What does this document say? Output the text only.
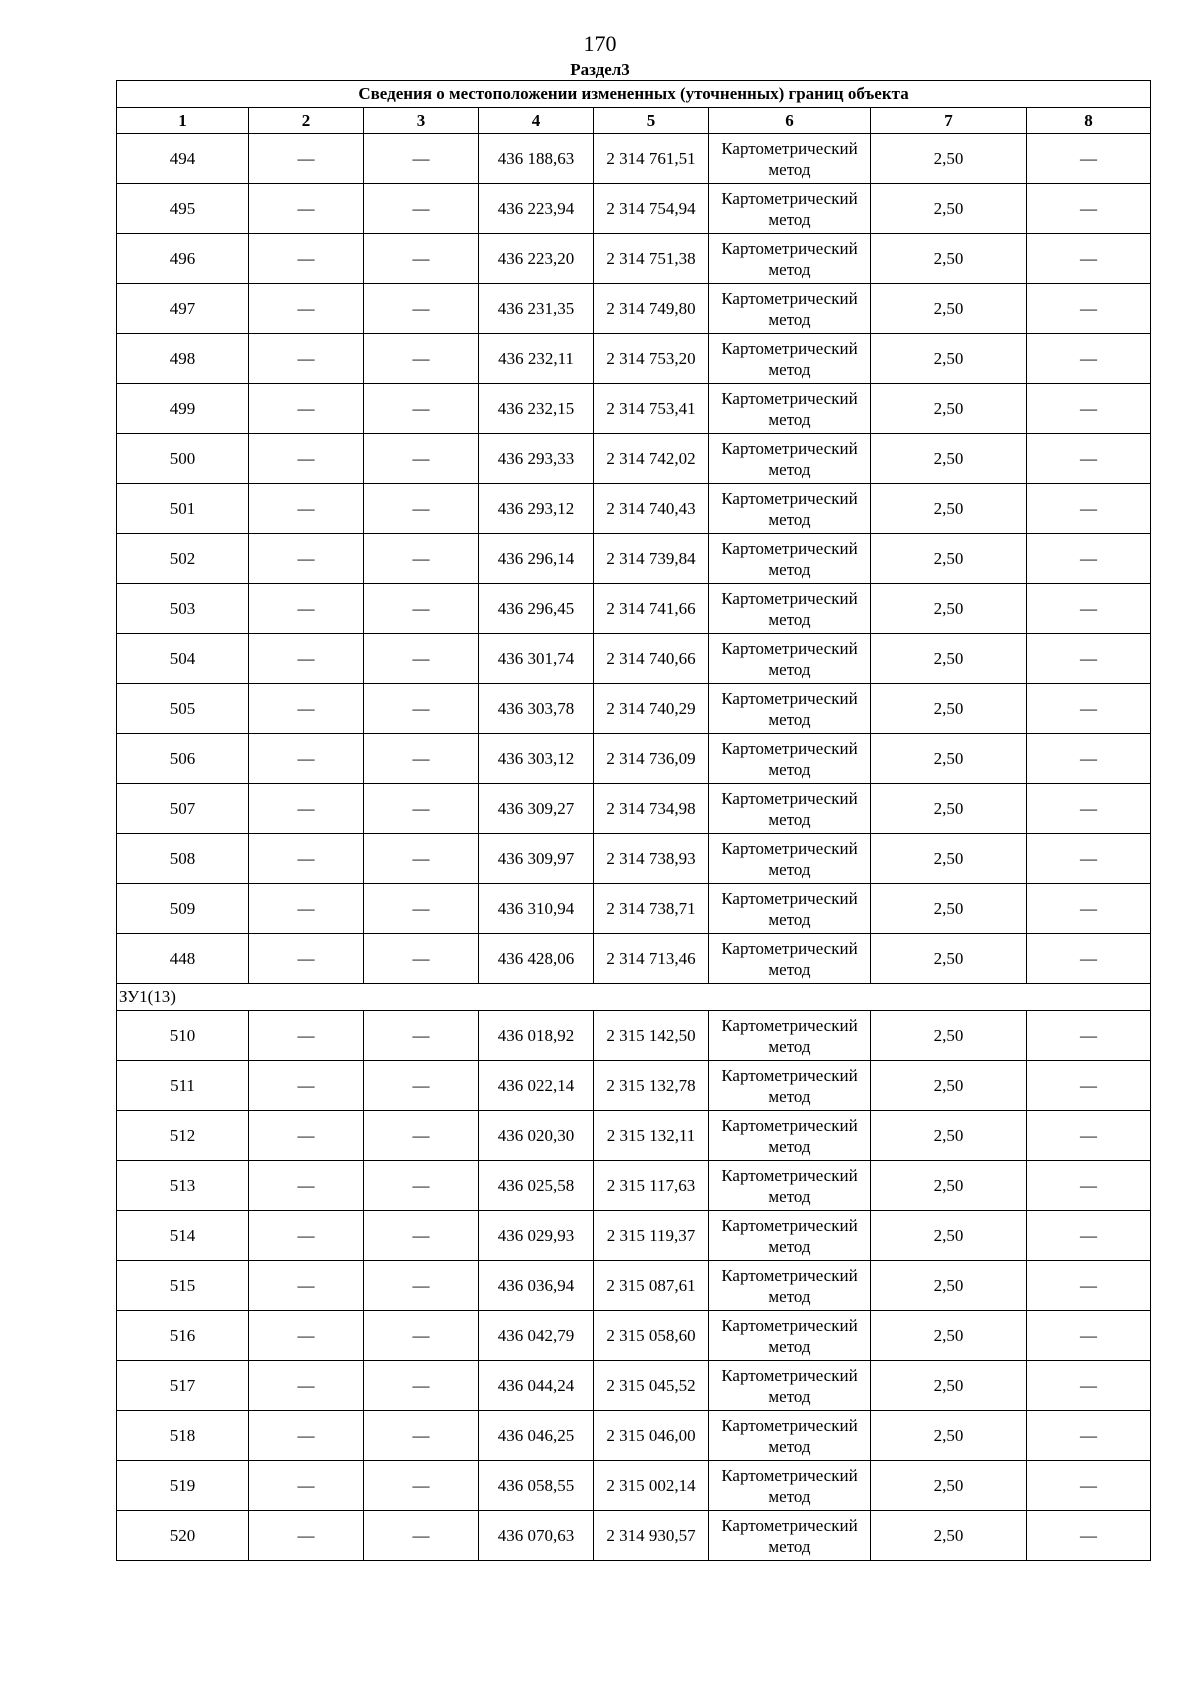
170
Раздел3
Сведения о местоположении измененных (уточненных) границ объекта							
1	2	3	4	5	6	7	8
494	—	—	436 188,63	2 314 761,51	Картометрический метод	2,50	—
495	—	—	436 223,94	2 314 754,94	Картометрический метод	2,50	—
496	—	—	436 223,20	2 314 751,38	Картометрический метод	2,50	—
497	—	—	436 231,35	2 314 749,80	Картометрический метод	2,50	—
498	—	—	436 232,11	2 314 753,20	Картометрический метод	2,50	—
499	—	—	436 232,15	2 314 753,41	Картометрический метод	2,50	—
500	—	—	436 293,33	2 314 742,02	Картометрический метод	2,50	—
501	—	—	436 293,12	2 314 740,43	Картометрический метод	2,50	—
502	—	—	436 296,14	2 314 739,84	Картометрический метод	2,50	—
503	—	—	436 296,45	2 314 741,66	Картометрический метод	2,50	—
504	—	—	436 301,74	2 314 740,66	Картометрический метод	2,50	—
505	—	—	436 303,78	2 314 740,29	Картометрический метод	2,50	—
506	—	—	436 303,12	2 314 736,09	Картометрический метод	2,50	—
507	—	—	436 309,27	2 314 734,98	Картометрический метод	2,50	—
508	—	—	436 309,97	2 314 738,93	Картометрический метод	2,50	—
509	—	—	436 310,94	2 314 738,71	Картометрический метод	2,50	—
448	—	—	436 428,06	2 314 713,46	Картометрический метод	2,50	—
ЗУ1(13)							
510	—	—	436 018,92	2 315 142,50	Картометрический метод	2,50	—
511	—	—	436 022,14	2 315 132,78	Картометрический метод	2,50	—
512	—	—	436 020,30	2 315 132,11	Картометрический метод	2,50	—
513	—	—	436 025,58	2 315 117,63	Картометрический метод	2,50	—
514	—	—	436 029,93	2 315 119,37	Картометрический метод	2,50	—
515	—	—	436 036,94	2 315 087,61	Картометрический метод	2,50	—
516	—	—	436 042,79	2 315 058,60	Картометрический метод	2,50	—
517	—	—	436 044,24	2 315 045,52	Картометрический метод	2,50	—
518	—	—	436 046,25	2 315 046,00	Картометрический метод	2,50	—
519	—	—	436 058,55	2 315 002,14	Картометрический метод	2,50	—
520	—	—	436 070,63	2 314 930,57	Картометрический метод	2,50	—
